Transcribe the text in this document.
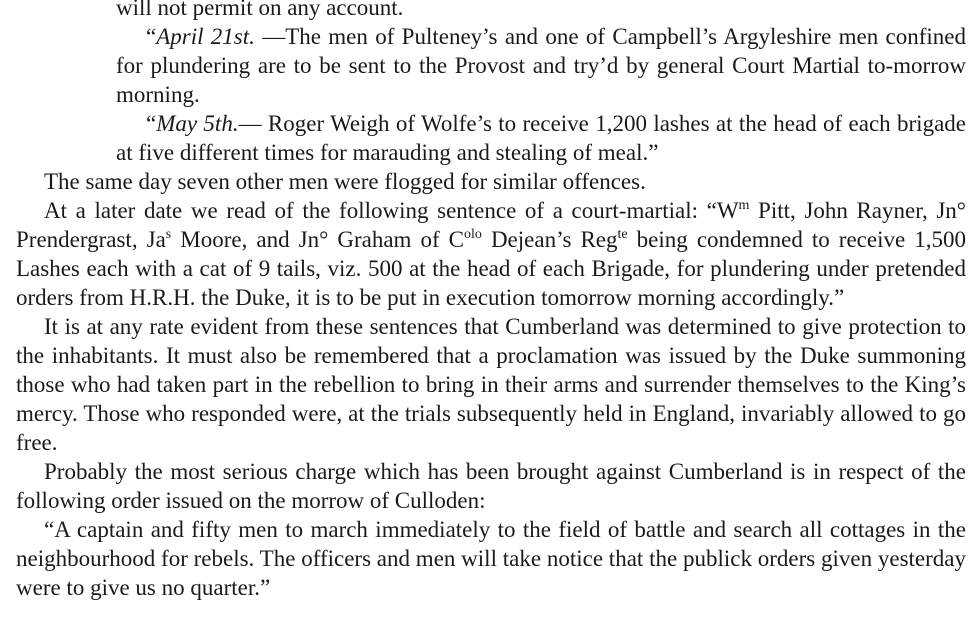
will not permit on any account.

“April 21st. —The men of Pulteney’s and one of Campbell’s Argyleshire men confined for plundering are to be sent to the Provost and try’d by general Court Martial to-morrow morning.

“May 5th.— Roger Weigh of Wolfe’s to receive 1,200 lashes at the head of each brigade at five different times for marauding and stealing of meal.”

The same day seven other men were flogged for similar offences.

At a later date we read of the following sentence of a court-martial: “$W^m$ Pitt, John Rayner, Jn° Prendergrast, Ja$^s$ Moore, and Jn° Graham of $C^{olo}$ Dejean’s Reg$^{te}$ being condemned to receive 1,500 Lashes each with a cat of 9 tails, viz. 500 at the head of each Brigade, for plundering under pretended orders from H.R.H. the Duke, it is to be put in execution tomorrow morning accordingly.”

It is at any rate evident from these sentences that Cumberland was determined to give protection to the inhabitants. It must also be remembered that a proclamation was issued by the Duke summoning those who had taken part in the rebellion to bring in their arms and surrender themselves to the King’s mercy. Those who responded were, at the trials subsequently held in England, invariably allowed to go free.

Probably the most serious charge which has been brought against Cumberland is in respect of the following order issued on the morrow of Culloden:

“A captain and fifty men to march immediately to the field of battle and search all cottages in the neighbourhood for rebels. The officers and men will take notice that the publick orders given yesterday were to give us no quarter.”
